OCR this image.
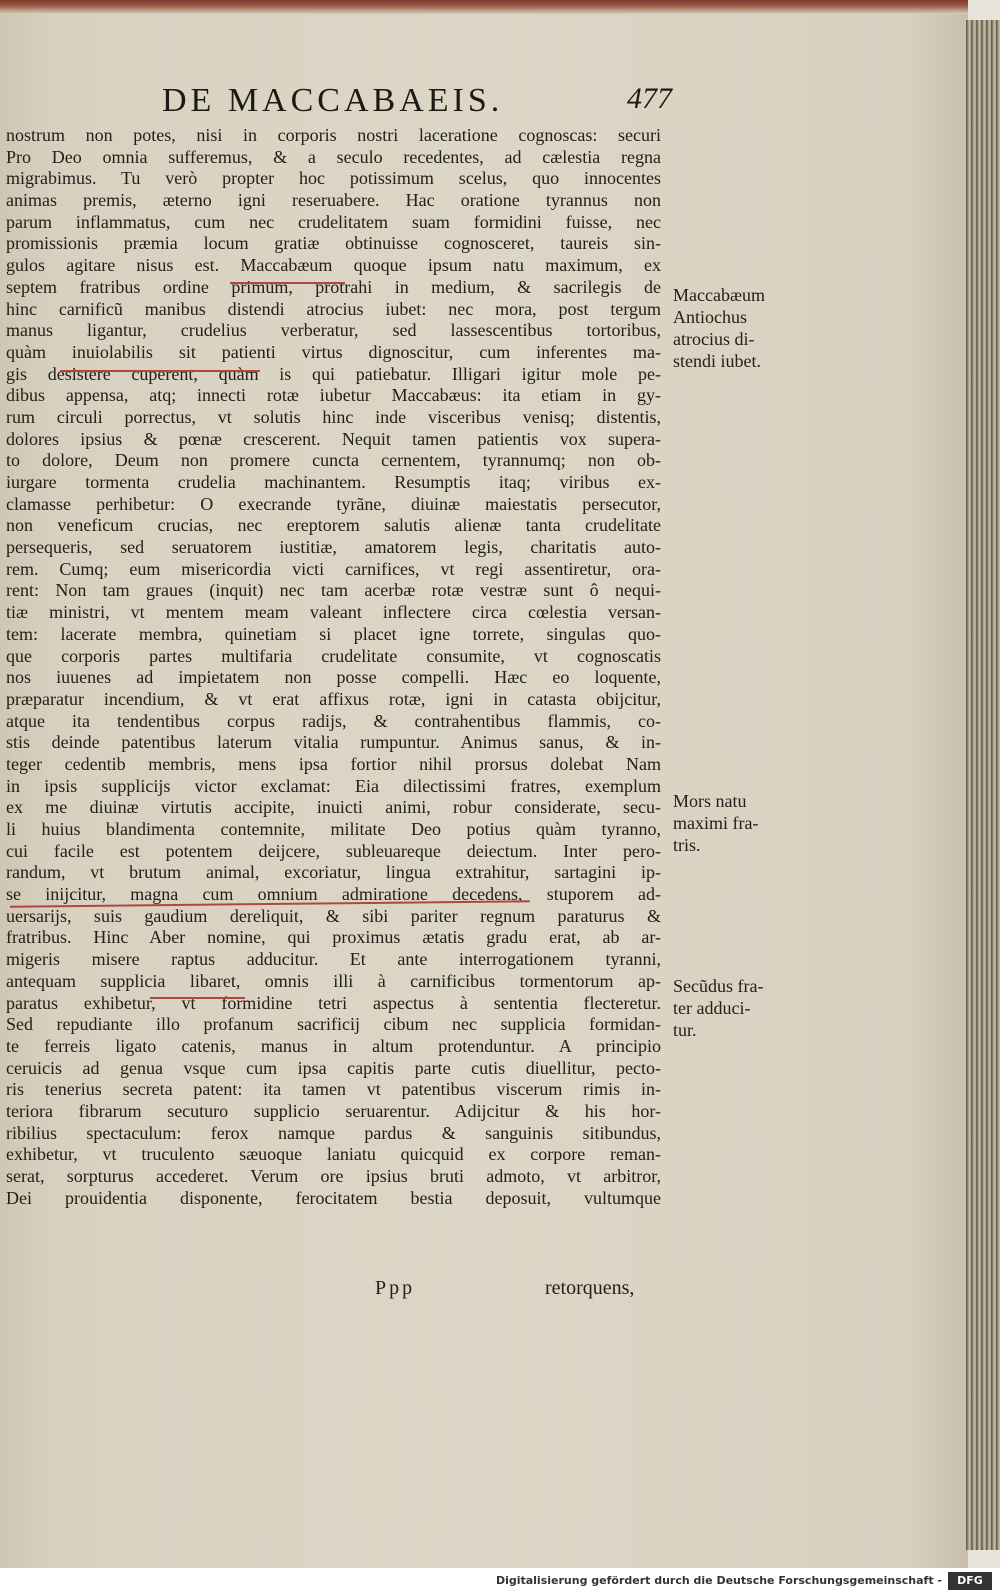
DE MACCABAEIS.	477
nostrum non potes, nisi in corporis nostri laceratione cognoscas: securi
Pro Deo omnia sufferemus, & a seculo recedentes, ad cælestia regna
migrabimus. Tu verò propter hoc potissimum scelus, quo innocentes
animas premis, æterno igni reseruabere. Hac oratione tyrannus non
parum inflammatus, cum nec crudelitatem suam formidini fuisse, nec
promissionis præmia locum gratiæ obtinuisse cognosceret, taureis sin-
gulos agitare nisus est. Maccabæum quoque ipsum natu maximum, ex
septem fratribus ordine primum, protrahi in medium, & sacrilegis de
hinc carnificũ manibus distendi atrocius iubet: nec mora, post tergum
manus ligantur, crudelius verberatur, sed lassescentibus tortoribus,
quàm inuiolabilis sit patienti virtus dignoscitur, cum inferentes ma-
gis desistere cuperent, quàm is qui patiebatur. Illigari igitur mole pe-
dibus appensa, atq; innecti rotæ iubetur Maccabæus: ita etiam in gy-
rum circuli porrectus, vt solutis hinc inde visceribus venisq; distentis,
dolores ipsius & pœnæ crescerent. Nequit tamen patientis vox supera-
to dolore, Deum non promere cuncta cernentem, tyrannumq; non ob-
iurgare tormenta crudelia machinantem. Resumptis itaq; viribus ex-
clamasse perhibetur: O execrande tyrãne, diuinæ maiestatis persecutor,
non veneficum crucias, nec ereptorem salutis alienæ tanta crudelitate
persequeris, sed seruatorem iustitiæ, amatorem legis, charitatis auto-
rem. Cumq; eum misericordia victi carnifices, vt regi assentiretur, ora-
rent: Non tam graues (inquit) nec tam acerbæ rotæ vestræ sunt ô nequi-
tiæ ministri, vt mentem meam valeant inflectere circa cœlestia versan-
tem: lacerate membra, quinetiam si placet igne torrete, singulas quo-
que corporis partes multifaria crudelitate consumite, vt cognoscatis
nos iuuenes ad impietatem non posse compelli. Hæc eo loquente,
præparatur incendium, & vt erat affixus rotæ, igni in catasta obijcitur,
atque ita tendentibus corpus radijs, & contrahentibus flammis, co-
stis deinde patentibus laterum vitalia rumpuntur. Animus sanus, & in-
teger cedentib membris, mens ipsa fortior nihil prorsus dolebat Nam
in ipsis supplicijs victor exclamat: Eia dilectissimi fratres, exemplum
ex me diuinæ virtutis accipite, inuicti animi, robur considerate, secu-
li huius blandimenta contemnite, militate Deo potius quàm tyranno,
cui facile est potentem deijcere, subleuareque deiectum. Inter pero-
randum, vt brutum animal, excoriatur, lingua extrahitur, sartagini ip-
se inijcitur, magna cum omnium admiratione decedens, stuporem ad-
uersarijs, suis gaudium dereliquit, & sibi pariter regnum paraturus &
fratribus. Hinc Aber nomine, qui proximus ætatis gradu erat, ab ar-
migeris misere raptus adducitur. Et ante interrogationem tyranni,
antequam supplicia libaret, omnis illi à carnificibus tormentorum ap-
paratus exhibetur, vt formidine tetri aspectus à sententia flecteretur.
Sed repudiante illo profanum sacrificij cibum nec supplicia formidan-
te ferreis ligato catenis, manus in altum protenduntur. A principio
ceruicis ad genua vsque cum ipsa capitis parte cutis diuellitur, pecto-
ris tenerius secreta patent: ita tamen vt patentibus viscerum rimis in-
teriora fibrarum secuturo supplicio seruarentur. Adijcitur & his hor-
ribilius spectaculum: ferox namque pardus & sanguinis sitibundus,
exhibetur, vt truculento sæuoque laniatu quicquid ex corpore reman-
serat, sorpturus accederet. Verum ore ipsius bruti admoto, vt arbitror,
Dei prouidentia disponente, ferocitatem bestia deposuit, vultumque
Maccabæum
Antiochus
atrocius di-
stendi iubet.
Mors natu
maximi fra-
tris.
Secũdus fra-
ter adduci-
tur.
Ppp	retorquens,
Digitalisierung gefördert durch die Deutsche Forschungsgemeinschaft -	DFG
